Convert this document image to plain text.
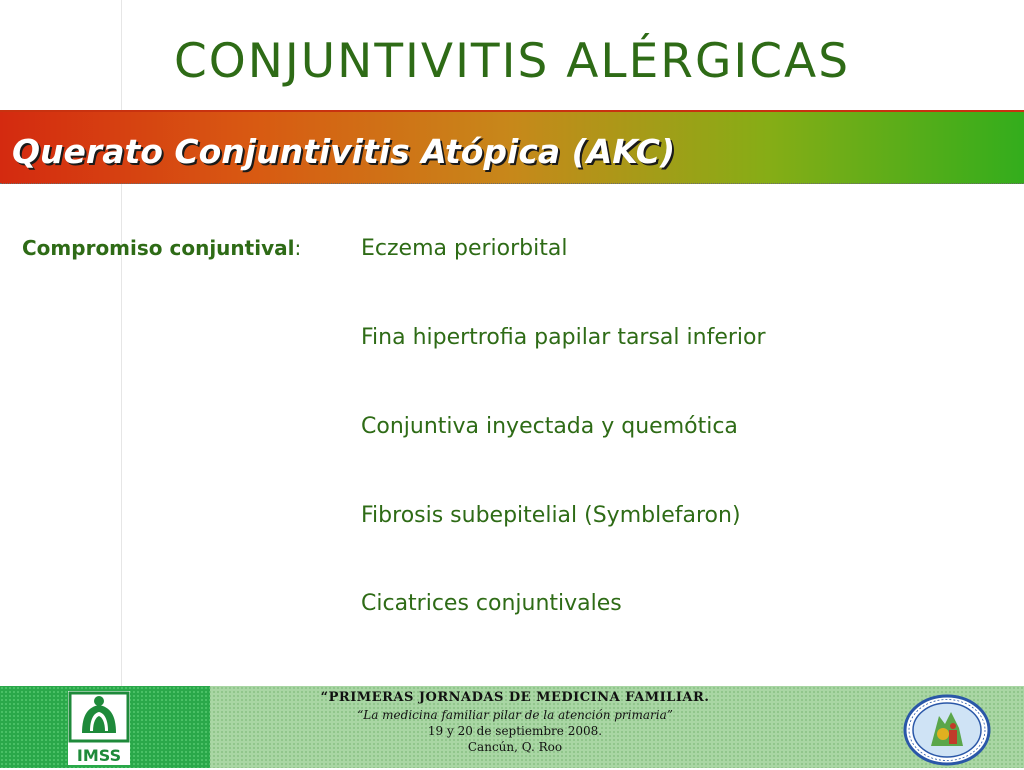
CONJUNTIVITIS ALÉRGICAS
Querato Conjuntivitis Atópica (AKC)
Compromiso conjuntival:	Eczema periorbital
Fina hipertrofia papilar tarsal inferior
Conjuntiva inyectada y quemótica
Fibrosis subepitelial (Symblefaron)
Cicatrices conjuntivales
IMSS
“PRIMERAS JORNADAS DE MEDICINA FAMILIAR.
“La medicina familiar pilar de la atención primaria”
19 y 20 de septiembre 2008.
Cancún, Q. Roo
